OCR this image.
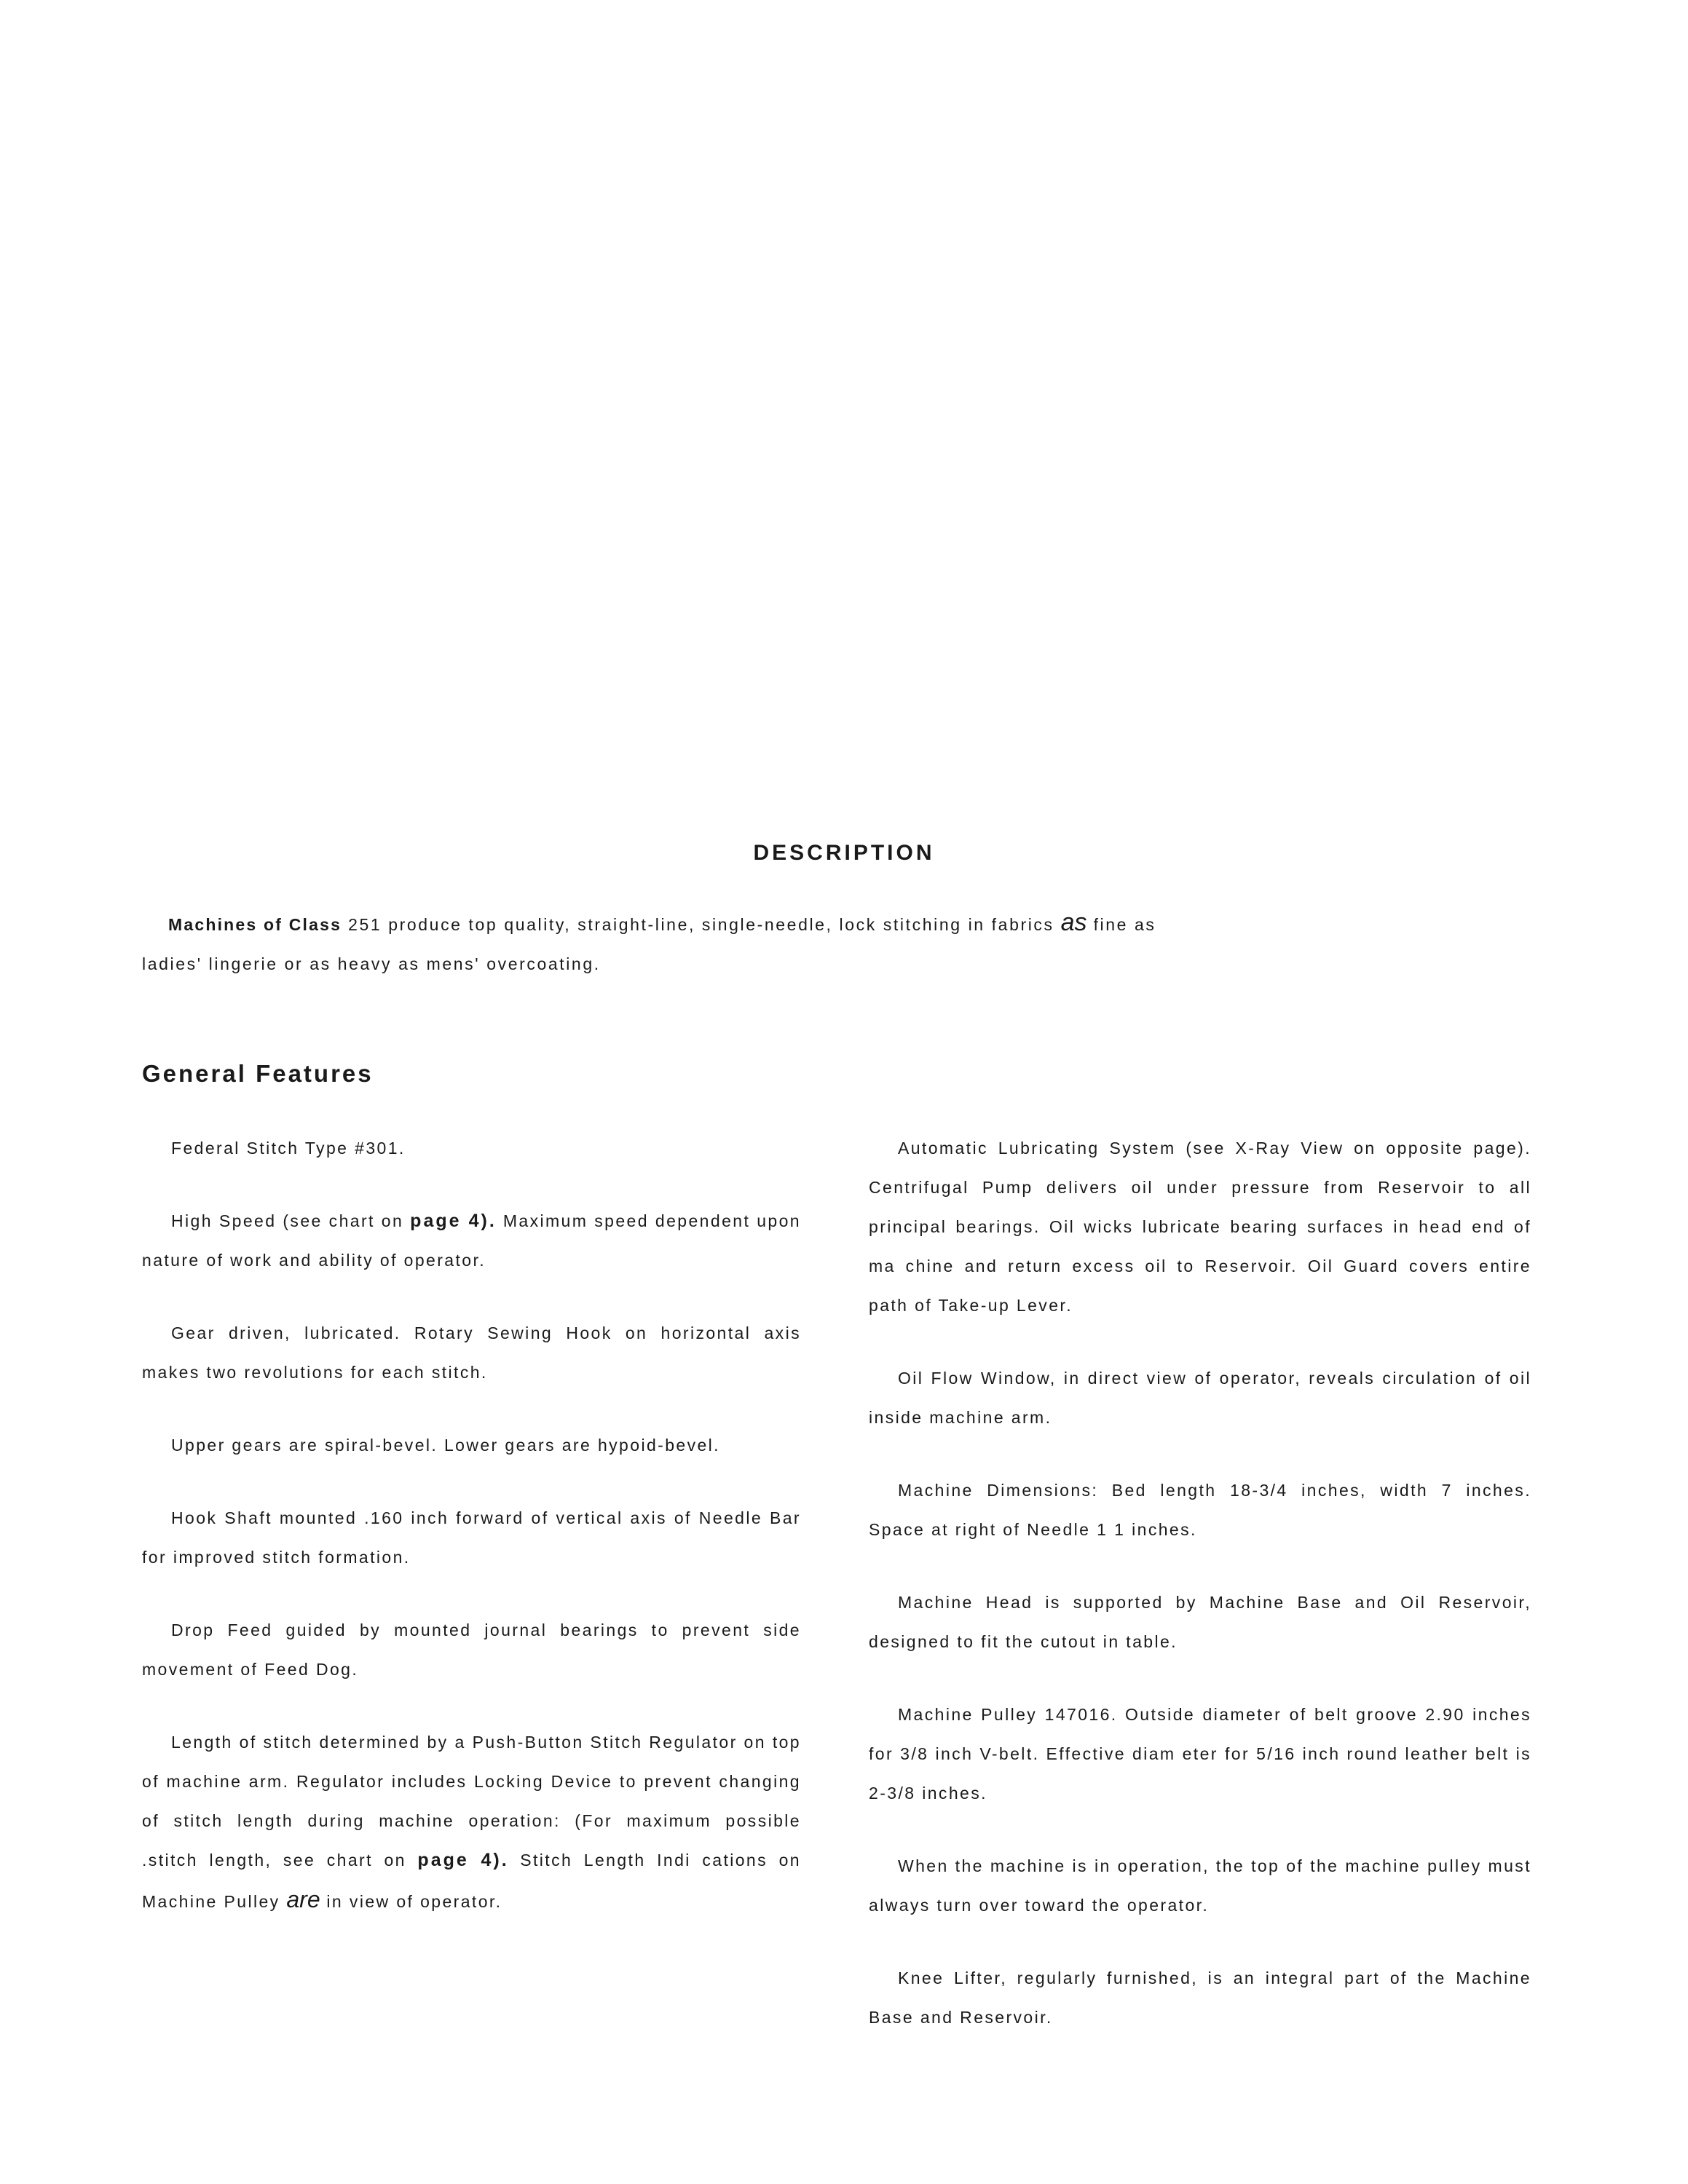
DESCRIPTION

Machines of Class 251 produce top quality, straight-line, single-needle, lock stitching in fabrics as fine as

ladies' lingerie or as heavy as mens' overcoating.

General Features

Federal Stitch Type #301.

High Speed (see chart on page 4). Maximum speed dependent upon nature of work and ability of operator.

Gear driven, lubricated. Rotary Sewing Hook on horizontal axis makes two revolutions for each stitch.

Upper gears are spiral-bevel. Lower gears are hypoid-bevel.

Hook Shaft mounted .160 inch forward of vertical axis of Needle Bar for improved stitch formation.

Drop Feed guided by mounted journal bearings to prevent side movement of Feed Dog.

Length of stitch determined by a Push-Button Stitch Regulator on top of machine arm. Regulator includes Locking Device to prevent changing of stitch length during machine operation: (For maximum possible .stitch length, see chart on page 4). Stitch Length Indi cations on Machine Pulley are in view of operator.

Automatic Lubricating System (see X-Ray View on opposite page). Centrifugal Pump delivers oil under pressure from Reservoir to all principal bearings. Oil wicks lubricate bearing surfaces in head end of ma chine and return excess oil to Reservoir. Oil Guard covers entire path of Take-up Lever.

Oil Flow Window, in direct view of operator, reveals circulation of oil inside machine arm.

Machine Dimensions: Bed length 18-3/4 inches, width 7 inches. Space at right of Needle 1 1 inches.

Machine Head is supported by Machine Base and Oil Reservoir, designed to fit the cutout in table.

Machine Pulley 147016. Outside diameter of belt groove 2.90 inches for 3/8 inch V-belt. Effective diam eter for 5/16 inch round leather belt is 2-3/8 inches.

When the machine is in operation, the top of the machine pulley must always turn over toward the operator.

Knee Lifter, regularly furnished, is an integral part of the Machine Base and Reservoir.
